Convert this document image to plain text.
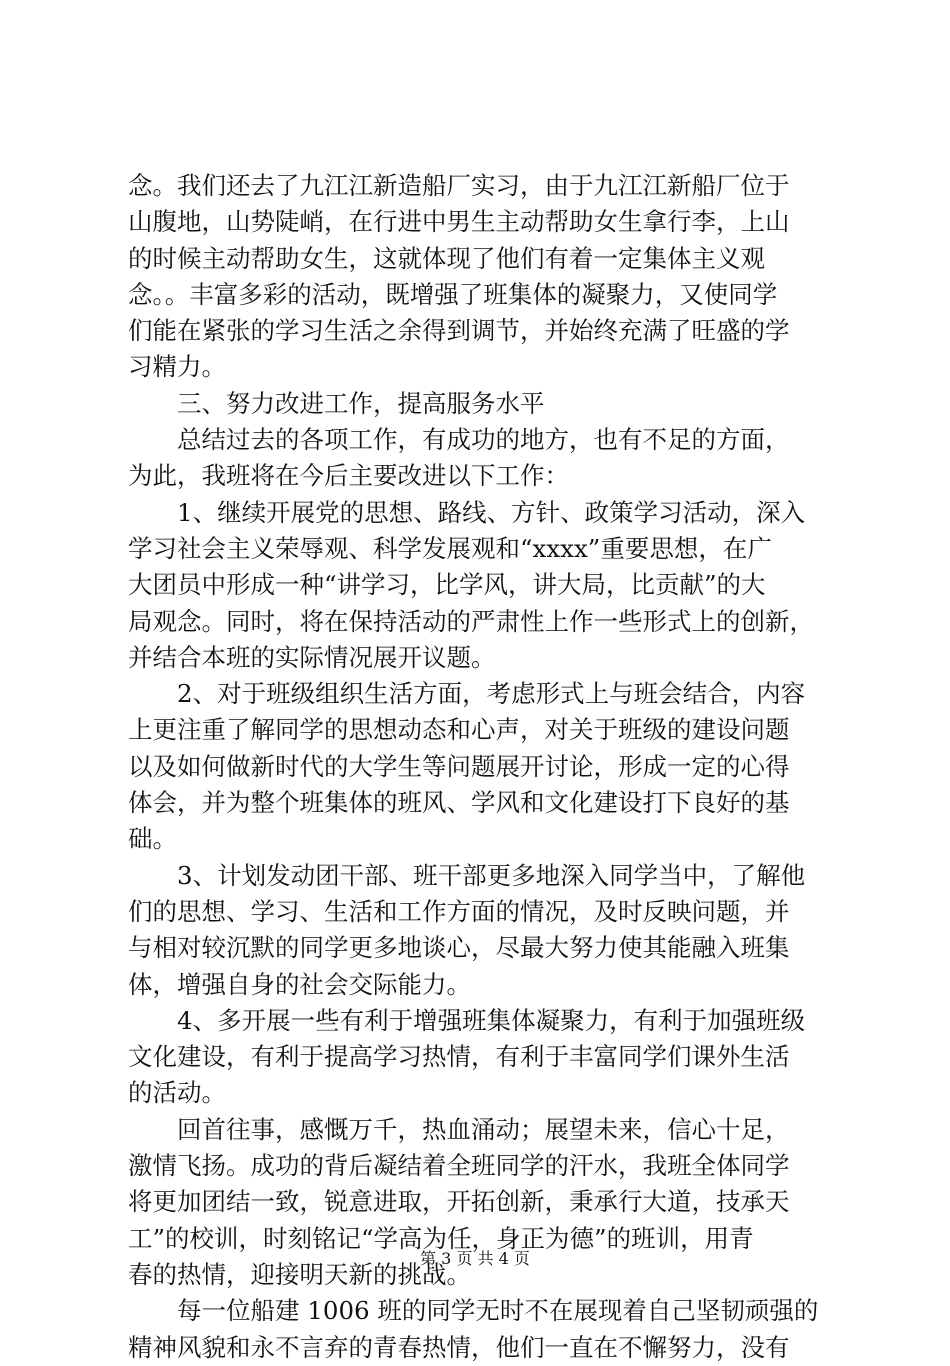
念。我们还去了九江江新造船厂实习，由于九江江新船厂位于
山腹地，山势陡峭，在行进中男生主动帮助女生拿行李，上山
的时候主动帮助女生，这就体现了他们有着一定集体主义观
念。。丰富多彩的活动，既增强了班集体的凝聚力，又使同学
们能在紧张的学习生活之余得到调节，并始终充满了旺盛的学
习精力。
　　三、努力改进工作，提高服务水平
　　总结过去的各项工作，有成功的地方，也有不足的方面，
为此，我班将在今后主要改进以下工作：
　　1、继续开展党的思想、路线、方针、政策学习活动，深入
学习社会主义荣辱观、科学发展观和“xxxx”重要思想，在广
大团员中形成一种“讲学习，比学风，讲大局，比贡献”的大
局观念。同时，将在保持活动的严肃性上作一些形式上的创新，
并结合本班的实际情况展开议题。
　　2、对于班级组织生活方面，考虑形式上与班会结合，内容
上更注重了解同学的思想动态和心声，对关于班级的建设问题
以及如何做新时代的大学生等问题展开讨论，形成一定的心得
体会，并为整个班集体的班风、学风和文化建设打下良好的基
础。
　　3、计划发动团干部、班干部更多地深入同学当中，了解他
们的思想、学习、生活和工作方面的情况，及时反映问题，并
与相对较沉默的同学更多地谈心，尽最大努力使其能融入班集
体，增强自身的社会交际能力。
　　4、多开展一些有利于增强班集体凝聚力，有利于加强班级
文化建设，有利于提高学习热情，有利于丰富同学们课外生活
的活动。
　　回首往事，感慨万千，热血涌动；展望未来，信心十足，
激情飞扬。成功的背后凝结着全班同学的汗水，我班全体同学
将更加团结一致，锐意进取，开拓创新，秉承行大道，技承天
工”的校训，时刻铭记“学高为任，身正为德”的班训，用青
春的热情，迎接明天新的挑战。
　　每一位船建 1006 班的同学无时不在展现着自己坚韧顽强的
精神风貌和永不言弃的青春热情，他们一直在不懈努力，没有
第 3 页 共 4 页
